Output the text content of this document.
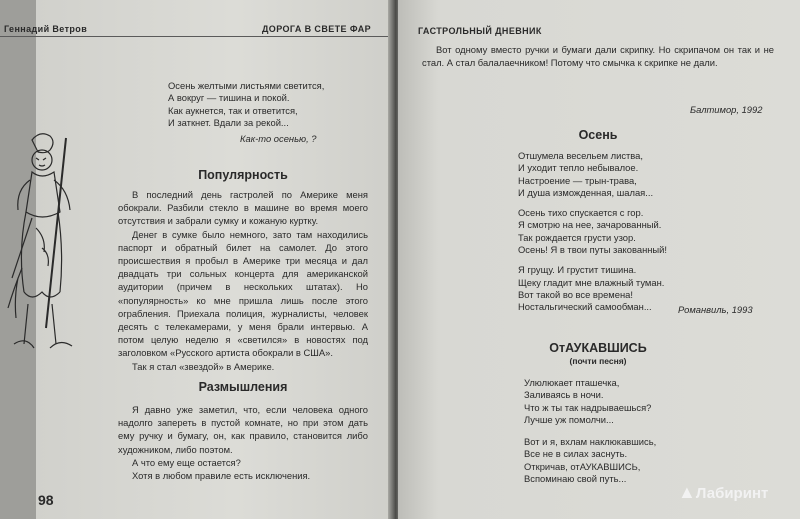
Геннадий Ветров	ДОРОГА В СВЕТЕ ФАР
Осень желтыми листьями светится,
А вокруг — тишина и покой.
Как аукнется, так и ответится,
И заткнет. Вдали за рекой...
Как-то осенью, ?
Популярность

В последний день гастролей по Америке меня обокрали. Разбили стекло в машине во время моего отсутствия и забрали сумку и кожаную куртку.

Денег в сумке было немного, зато там находились паспорт и обратный билет на самолет. До этого происшествия я пробыл в Америке три месяца и дал двадцать три сольных концерта для американской аудитории (причем в нескольких штатах). Но «популярность» ко мне пришла лишь после этого ограбления. Приехала полиция, журналисты, человек десять с телекамерами, у меня брали интервью. А потом целую неделю я «светился» в новостях под заголовком «Русского артиста обокрали в США».

Так я стал «звездой» в Америке.

Размышления

Я давно уже заметил, что, если человека одного надолго запереть в пустой комнате, но при этом дать ему ручку и бумагу, он, как правило, становится либо художником, либо поэтом.

А что ему еще остается?

Хотя в любом правиле есть исключения.

98
ГАСТРОЛЬНЫЙ ДНЕВНИК

Вот одному вместо ручки и бумаги дали скрипку. Но скрипачом он так и не стал. А стал балалаечником! Потому что смычка к скрипке не дали.

Балтимор, 1992
Осень
Отшумела весельем листва,
И уходит тепло небывалое.
Настроение — трын-трава,
И душа изможденная, шалая...
Осень тихо спускается с гор.
Я смотрю на нее, зачарованный.
Так рождается грусти узор.
Осень! Я в твои путы закованный!
Я грущу. И грустит тишина.
Щеку гладит мне влажный туман.
Вот такой во все времена!
Ностальгический самообман...	Романвиль, 1993
ОтАУКАВШИСЬ
(почти песня)
Улюлюкает пташечка,
Заливаясь в ночи.
Что ж ты так надрываешься?
Лучше уж помолчи...
Вот и я, вхлам наклюкавшись,
Все не в силах заснуть.
Откричав, отАУКАВШИСЬ,
Вспоминаю свой путь...
▲Лабиринт
